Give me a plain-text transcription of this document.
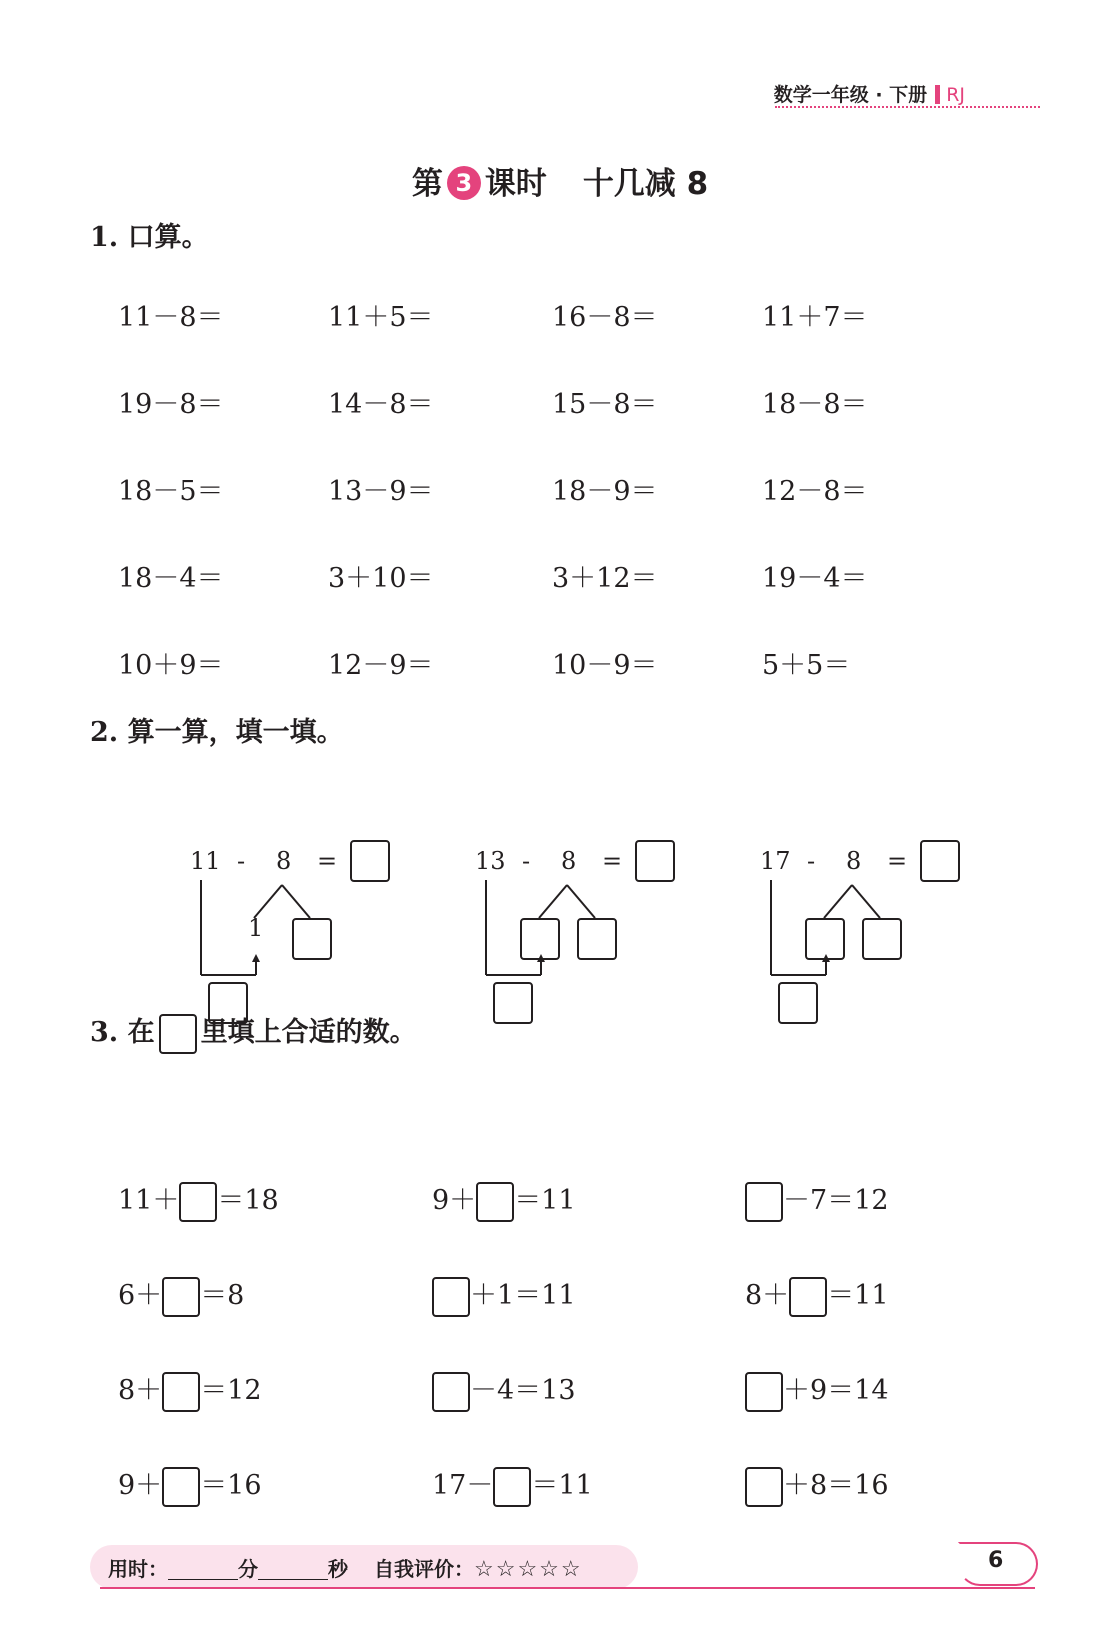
数学一年级 · 下册 RJ
第 3 课时 十几减 8
1. 口算。
11－8＝	11＋5＝	16－8＝	11＋7＝
19－8＝	14－8＝	15－8＝	18－8＝
18－5＝	13－9＝	18－9＝	12－8＝
18－4＝	3＋10＝	3＋12＝	19－4＝
10＋9＝	12－9＝	10－9＝	5＋5＝
2. 算一算，填一填。
11 - 8 =
1
13 - 8 =	17 - 8 =
3. 在 里填上合适的数。
11＋ ＝18	9＋ ＝11	－7＝12
6＋ ＝8	＋1＝11	8＋ ＝11
8＋ ＝12	－4＝13	＋9＝14
9＋ ＝16	17－ ＝11	＋8＝16
用时：	分	秒 自我评价：☆☆☆☆☆	6
